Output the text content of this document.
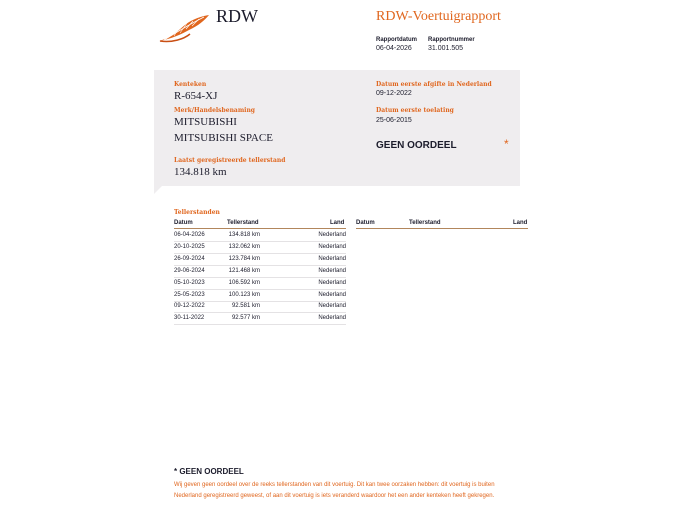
RDW	RDW-Voertuigrapport
Rapportdatum
06-04-2026
Rapportnummer
31.001.505
Kenteken
R-654-XJ
Merk/Handelsbenaming
MITSUBISHI
MITSUBISHI SPACE
Laatst geregistreerde tellerstand
134.818 km
Datum eerste afgifte in Nederland
09-12-2022
Datum eerste toelating
25-06-2015
GEEN OORDEEL	*
Tellerstanden
Datum	Tellerstand	Land Datum	Tellerstand	Land
06-04-2026	134.818 km	Nederland
20-10-2025	132.062 km	Nederland
26-09-2024	123.784 km	Nederland
29-06-2024	121.468 km	Nederland
05-10-2023	106.592 km	Nederland
25-05-2023	100.123 km	Nederland
09-12-2022	92.581 km	Nederland
30-11-2022	92.577 km	Nederland
* GEEN OORDEEL
Wij geven geen oordeel over de reeks tellerstanden van dit voertuig. Dit kan twee oorzaken hebben: dit voertuig is buiten Nederland geregistreerd geweest, of aan dit voertuig is iets veranderd waardoor het een ander kenteken heeft gekregen.
